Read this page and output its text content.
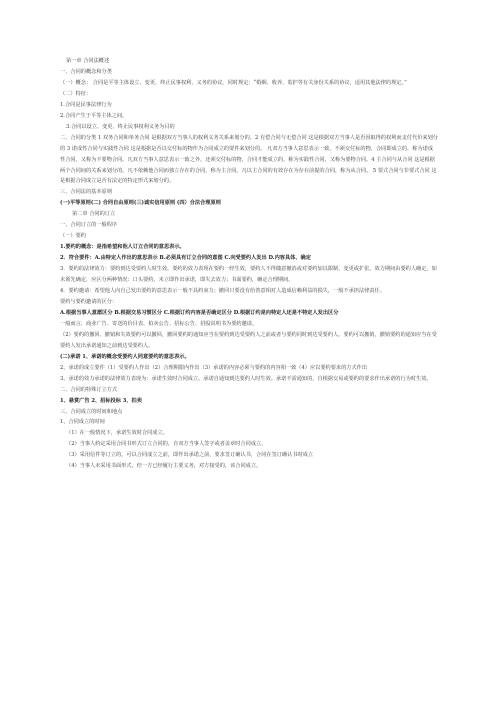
第一章 合同法概述
一、合同的概念和分类
（一）概念： 合同是平等主体设立、变更、终止民事权利、义务的协议。同时规定：“婚姻、收养、监护等有关身份关系的协议，适用其他法律的规定。”
（二）特征：
1.合同是民事法律行为
2.合同产生于平等主体之间。
3.合同以设立、变更、终止民事权利义务为目的
二、合同的分类 1 双务合同和单务合同 是根据双方当事人的权利义务关系来划分的。2 有偿合同与无偿合同 这是根据双方当事人是否因取得的权利而支付代价来划分的 3 诺成性合同与实践性合同 这是根据是否以交付标的物作为合同成立的要件来划分的。 凡双方当事人意思表示一致，不须交付标的物，合同即成立的，称为诺成性合同，又称为不要物合同。凡双方当事人意思表示一致之外，还须交付标的物，合同才能成立的，称为实践性合同，又称为要物合同。4 主合同与从合同 这是根据两个合同间的关系来划分的。凡不依赖他合同而独立存在的合同，称为主合同。凡以主合同的有效存在为存在前提的合同，称为从合同。 5 要式合同与非要式合同 这是根据合同成立是否有法定的特定形式来划分的。
三、合同法的基本原则
(一)平等原则(二) 合同自由原则(三)诚实信用原则 (四）合法合理原则
第二章 合同的订立
一、合同订立的一般程序
（一）要约
1.要约的概念：是指希望和他人订立合同的意思表示。
2．符合要件：A.由特定人作出的意思表示 B.必须具有订立合同的意图 C.向受要约人发出 D.内容具体、确定
3．要约的法律效力：要约到达受要约人时生效。要约的效力表现在要约一经生效，要约人不得随意撤消或对要约加以限制、变更或扩张。效力期间由要约人确定，如未预先确定，应区分两种情况：口头要约，未立即作出承诺，即失去效力；书面要约，确定合理期间。
4．要约邀请：希望他人向自己发出要约的意思表示一般不具约束力；撤回只要没有给善意相对人造成信赖利益的损失，一般不承担法律责任。
要约与要约邀请的区分：
A.根据当事人意愿区分 B.根据交易习惯区分 C.根据订约内容是否确定区分 D.根据订约是向特定人还是不特定人发出区分
一般而言，商业广告、寄送的价目表、拍卖公告、招标公告、招股说明书为要约邀请。
（2）要约的撤回、撤销和失效要约可以撤回，撤回要约的通知应当在要约到达受要约人之前或者与要约同时到达受要约人。要约可以撤销，撤销要约的通知应当在受要约人发出承诺通知之前到达受要约人。
(二)承诺 1、承诺的概念受要约人同意要约的意思表示。
2、承诺的成立要件（1）受要约人作出（2）合理期限内作出（3）承诺的内容必须与要约的内容相一致（4）应以要约要求的方式作出
3、承诺的效力承诺的法律效力表现为：承诺生效时合同成立。承诺自通知到达要约人时生效。承诺不需通知的，自根据交易或要约的要求作出承诺的行为时生效。
二、合同的特殊订立方式
1、悬赏广告 2、招标投标 3、拍卖
三、合同成立的时间和地点
1、合同成立的时间
（1）在一般情况下，承诺生效时合同成立。
（2）当事人约定采用合同书形式订立合同的，自双方当事人签字或者盖章时合同成立。
（3）采用信件等订立的，可以合同成立之前，即作出承诺之前，要求签订确认书，合同在签订确认书时成立
（4）当事人未采用书面形式，但一方已经履行主要义务，对方接受的，该合同成立。
